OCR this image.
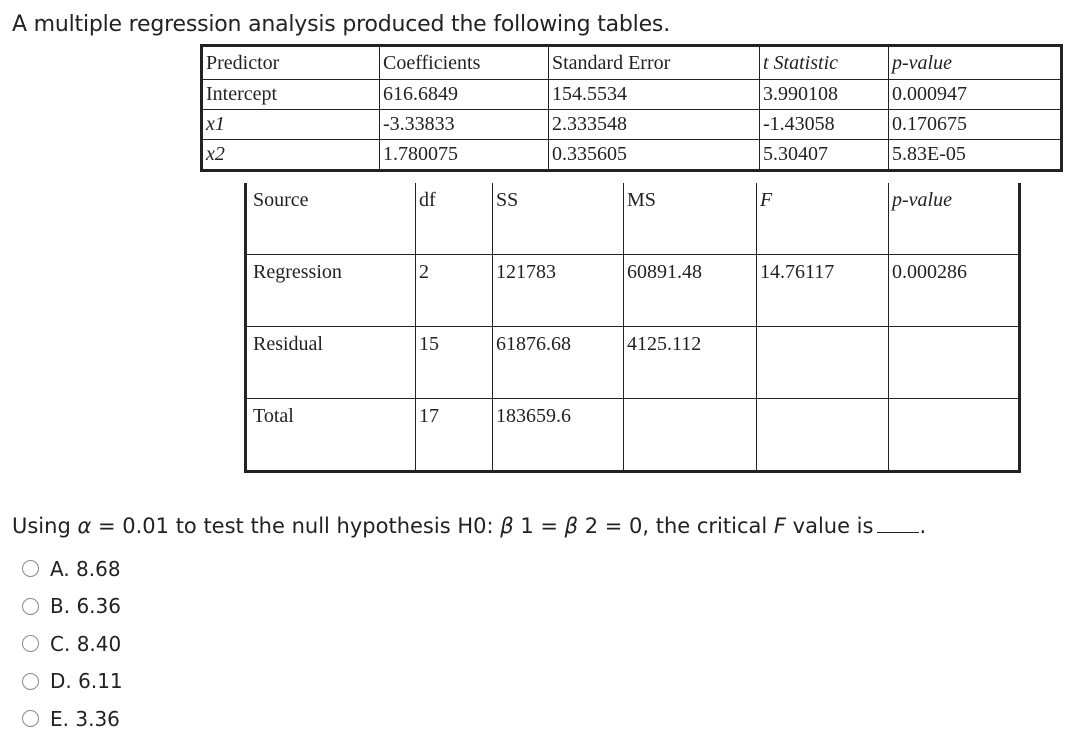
A multiple regression analysis produced the following tables.
Predictor	Coefficients	Standard Error	t Statistic	p-value
Intercept	616.6849	154.5534	3.990108	0.000947
x1	-3.33833	2.333548	-1.43058	0.170675
x2	1.780075	0.335605	5.30407	5.83E-05
Source	df	SS	MS	F	p-value
Regression	2	121783	60891.48	14.76117	0.000286
Residual	15	61876.68	4125.112		
Total	17	183659.6			
Using α = 0.01 to test the null hypothesis H0: β 1 = β 2 = 0, the critical F value is .
A. 8.68
B. 6.36
C. 8.40
D. 6.11
E. 3.36
